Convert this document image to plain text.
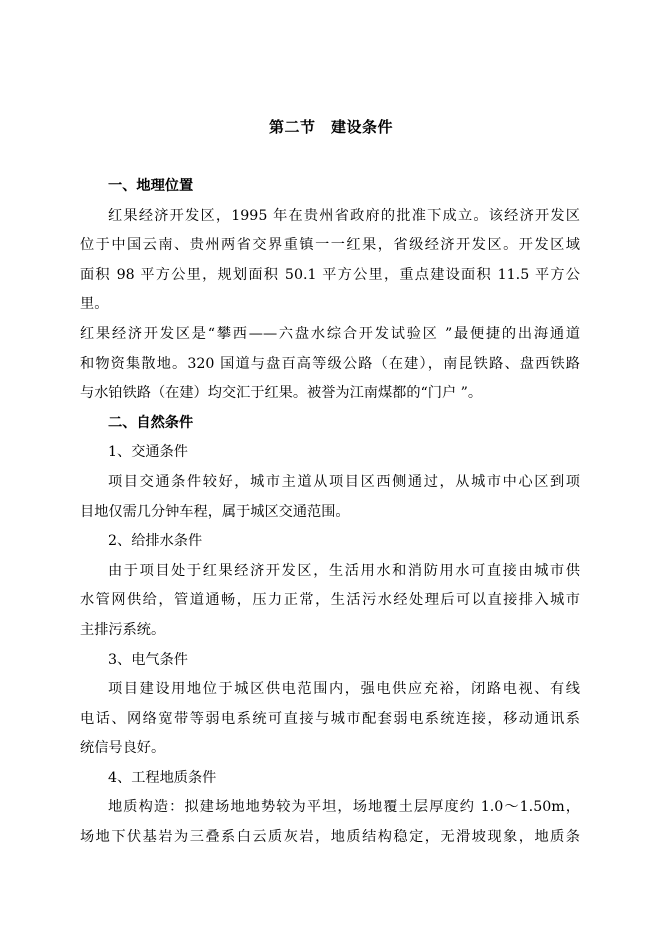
第二节　建设条件
一、地理位置
红果经济开发区，1995 年在贵州省政府的批准下成立。该经济开发区
位于中国云南、贵州两省交界重镇一一红果，省级经济开发区。开发区域
面积 98 平方公里，规划面积 50.1 平方公里，重点建设面积 11.5 平方公
里。
红果经济开发区是“攀西——六盘水综合开发试验区 ”最便捷的出海通道
和物资集散地。320 国道与盘百高等级公路（在建），南昆铁路、盘西铁路
与水铂铁路（在建）均交汇于红果。被誉为江南煤都的“门户 ”。
二、自然条件
1、交通条件
项目交通条件较好，城市主道从项目区西侧通过，从城市中心区到项
目地仅需几分钟车程，属于城区交通范围。
2、给排水条件
由于项目处于红果经济开发区，生活用水和消防用水可直接由城市供
水管网供给，管道通畅，压力正常，生活污水经处理后可以直接排入城市
主排污系统。
3、电气条件
项目建设用地位于城区供电范围内，强电供应充裕，闭路电视、有线
电话、网络宽带等弱电系统可直接与城市配套弱电系统连接，移动通讯系
统信号良好。
4、工程地质条件
地质构造：拟建场地地势较为平坦，场地覆土层厚度约 1.0～1.50m，
场地下伏基岩为三叠系白云质灰岩，地质结构稳定，无滑坡现象，地质条
